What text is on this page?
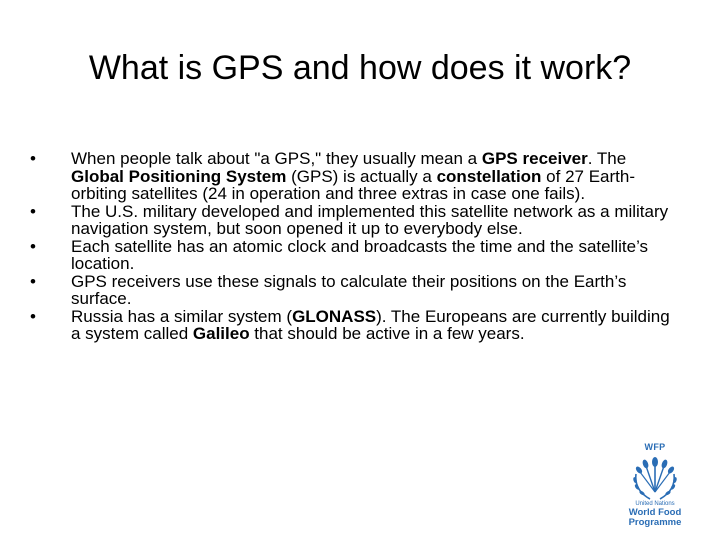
What is GPS and how does it work?
• When people talk about "a GPS," they usually mean a GPS receiver. The Global Positioning System (GPS) is actually a constellation of 27 Earth-orbiting satellites (24 in operation and three extras in case one fails).
• The U.S. military developed and implemented this satellite network as a military navigation system, but soon opened it up to everybody else.
• Each satellite has an atomic clock and broadcasts the time and the satellite’s location.
• GPS receivers use these signals to calculate their positions on the Earth’s surface.
• Russia has a similar system (GLONASS). The Europeans are currently building a system called Galileo that should be active in a few years.
WFP
United Nations
World Food
Programme
